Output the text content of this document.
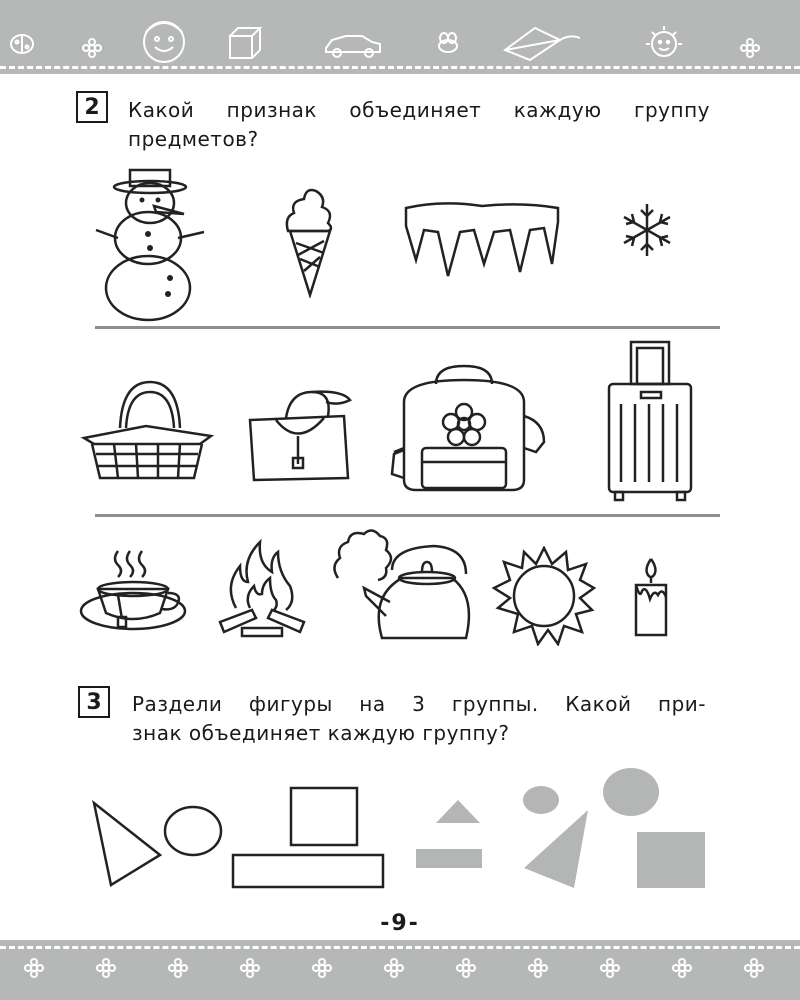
2 Какой признак объединяет каждую группу
предметов?
3 Раздели фигуры на 3 группы. Какой при-
знак объединяет каждую группу?
-9-
